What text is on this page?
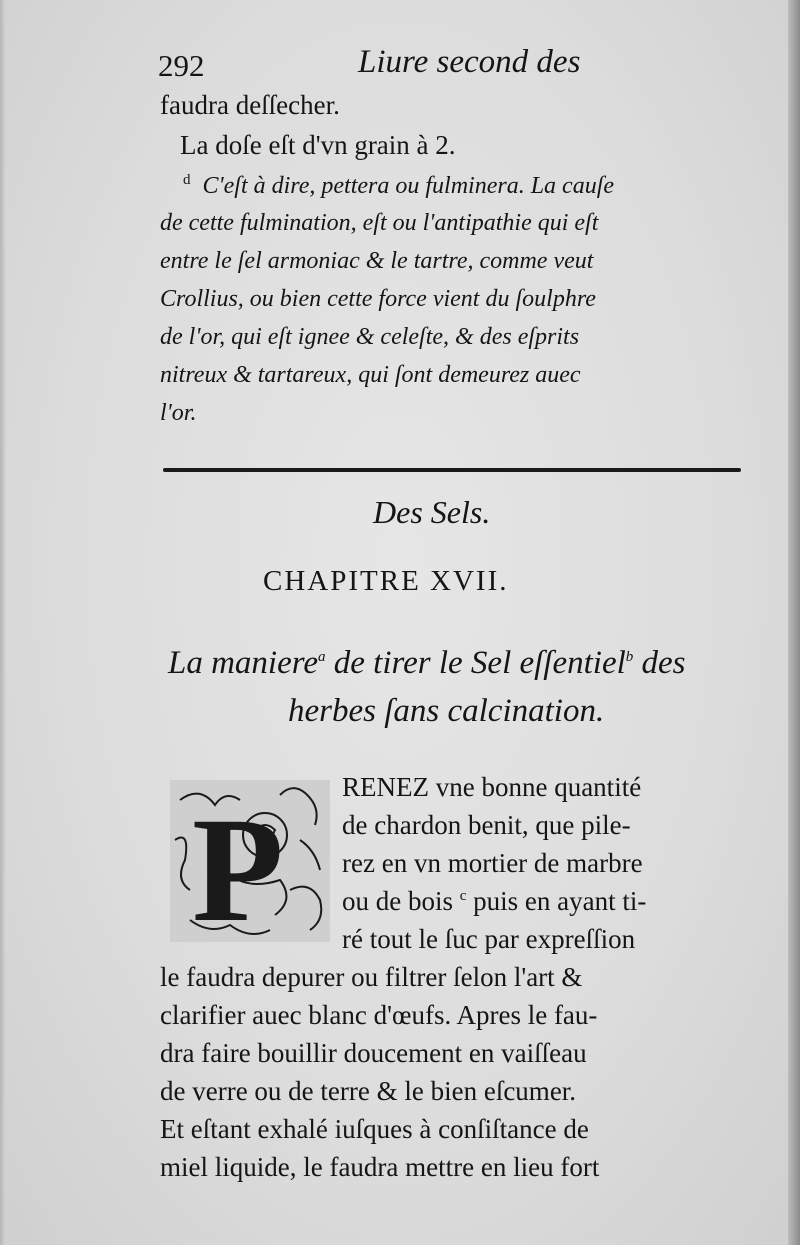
292	Liure second des
faudra deſſecher.
La doſe eſt d'vn grain à 2.
$^d$ C'eſt à dire, pettera ou fulminera. La cauſe
de cette fulmination, eſt ou l'antipathie qui eſt
entre le ſel armoniac & le tartre, comme veut
Crollius, ou bien cette force vient du ſoulphre
de l'or, qui eſt ignee & celeſte, & des eſprits
nitreux & tartareux, qui ſont demeurez auec
l'or.
Des Sels.
CHAPITRE XVII.
La maniere$^a$ de tirer le Sel eſſentiel$^b$ des
herbes ſans calcination.
P RENEZ vne bonne quantité
de chardon benit, que pile-
rez en vn mortier de marbre
ou de bois $^c$ puis en ayant ti-
ré tout le ſuc par expreſſion
le faudra depurer ou filtrer ſelon l'art &
clarifier auec blanc d'œufs. Apres le fau-
dra faire bouillir doucement en vaiſſeau
de verre ou de terre & le bien eſcumer.
Et eſtant exhalé iuſques à conſiſtance de
miel liquide, le faudra mettre en lieu fort
